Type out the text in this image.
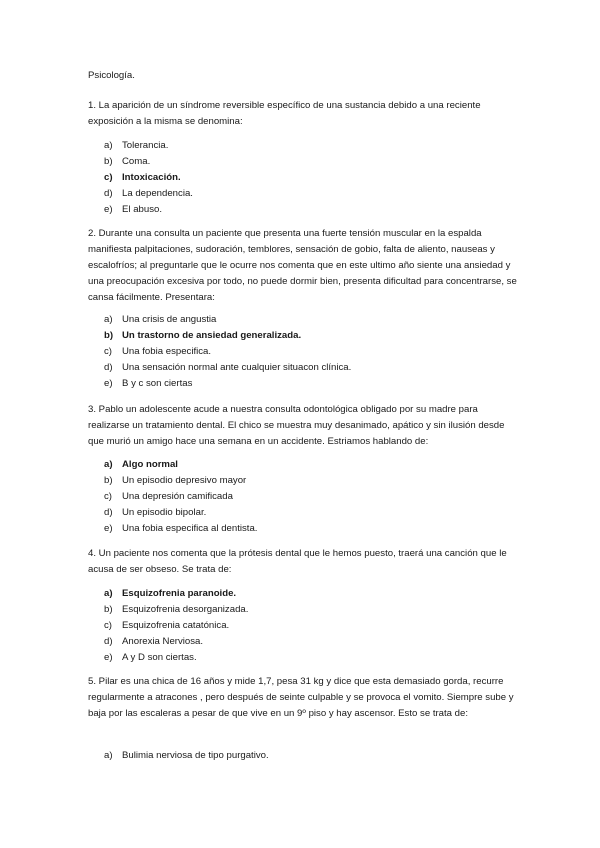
Psicología.

1. La aparición de un síndrome reversible específico de una sustancia debido a una reciente exposición a la misma se denomina:

a) Tolerancia.
b) Coma.
c) Intoxicación.
d) La dependencia.
e) El abuso.

2. Durante una consulta un paciente que presenta una fuerte tensión muscular en la espalda manifiesta palpitaciones, sudoración, temblores, sensación de gobio, falta de aliento, nauseas y escalofríos; al preguntarle que le ocurre nos comenta que en este ultimo año siente una ansiedad y una preocupación excesiva por todo, no puede dormir bien, presenta dificultad para concentrarse, se cansa fácilmente. Presentara:

a) Una crisis de angustia
b) Un trastorno de ansiedad generalizada.
c) Una fobia especifica.
d) Una sensación normal ante cualquier situacon clínica.
e) B y c son ciertas

3. Pablo un adolescente acude a nuestra consulta odontológica obligado por su madre para realizarse un tratamiento dental. El chico se muestra muy desanimado, apático y sin ilusión desde que murió un amigo hace una semana en un accidente. Estriamos hablando de:

a) Algo normal
b) Un episodio depresivo mayor
c) Una depresión camificada
d) Un episodio bipolar.
e) Una fobia especifica al dentista.

4. Un paciente nos comenta que la prótesis dental que le hemos puesto, traerá una canción que le acusa de ser obseso. Se trata de:

a) Esquizofrenia paranoide.
b) Esquizofrenia desorganizada.
c) Esquizofrenia catatónica.
d) Anorexia Nerviosa.
e) A y D son ciertas.

5. Pilar es una chica de 16 años y mide 1,7, pesa 31 kg y dice que esta demasiado gorda, recurre regularmente a atracones , pero después de seinte culpable y se provoca el vomito. Siempre sube y baja por las escaleras a pesar de que vive en un 9º piso y hay ascensor. Esto se trata de:

a) Bulimia nerviosa de tipo purgativo.
